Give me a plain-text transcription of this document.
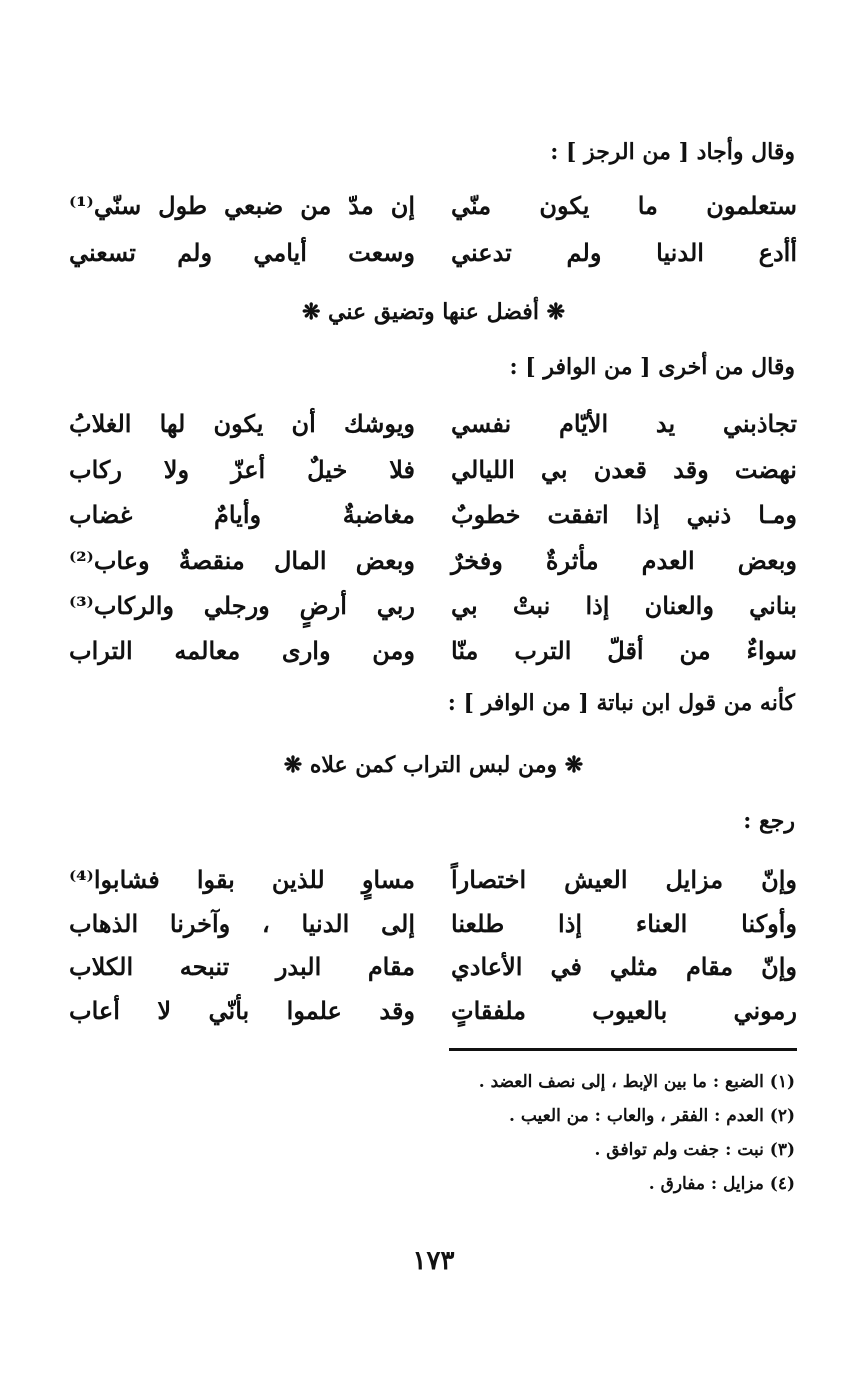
وقال وأجاد [ من الرجز ] :
ستعلمون ما يكون منّي
إن مدّ من ضبعي طول سنّي⁽¹⁾
أأدع الدنيا ولم تدعني
وسعت أيامي ولم تسعني
❋ أفضل عنها وتضيق عني ❋
وقال من أخرى [ من الوافر ] :
تجاذبني يد الأيّام نفسي
ويوشك أن يكون لها الغلابُ
نهضت وقد قعدن بي الليالي
فلا خيلٌ أعزّ ولا ركاب
ومـا ذنبي إذا اتفقت خطوبٌ
مغاضبةٌ وأيامٌ غضاب
وبعض العدم مأثرةٌ وفخرٌ
وبعض المال منقصةٌ وعاب⁽²⁾
بناني والعنان إذا نبتْ بي
ربي أرضٍ ورجلي والركاب⁽³⁾
سواءٌ من أقلّ الترب منّا
ومن وارى معالمه التراب
كأنه من قول ابن نباتة [ من الوافر ] :
❋ ومن لبس التراب كمن علاه ❋
رجع :
وإنّ مزايل العيش اختصاراً
مساوٍ للذين بقوا فشابوا⁽⁴⁾
وأوكنا العناء إذا طلعنا
إلى الدنيا ، وآخرنا الذهاب
وإنّ مقام مثلي في الأعادي
مقام البدر تنبحه الكلاب
رموني بالعيوب ملفقاتٍ
وقد علموا بأنّي لا أعاب
(١) الضبع : ما بين الإبط ، إلى نصف العضد .
(٢) العدم : الفقر ، والعاب : من العيب .
(٣) نبت : جفت ولم توافق .
(٤) مزايل : مفارق .
١٧٣
